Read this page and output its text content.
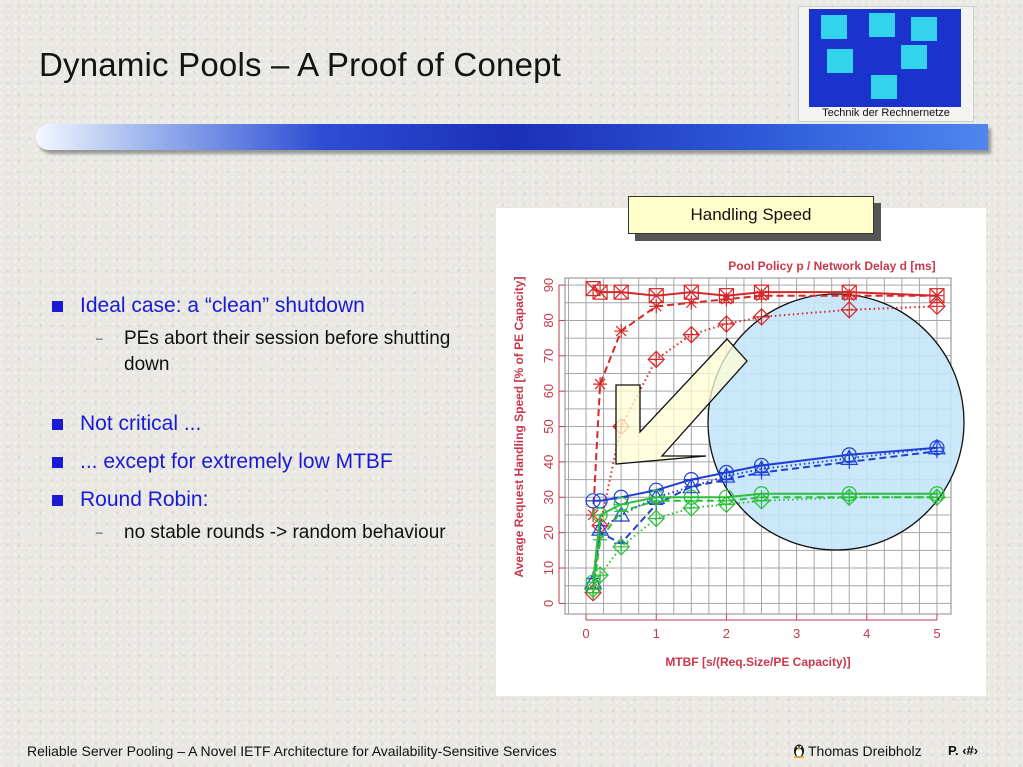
Dynamic Pools – A Proof of Conept
Technik der Rechnernetze
Ideal case: a “clean” shutdown
– PEs abort their session before shutting down
Not critical ...
... except for extremely low MTBF
Round Robin:
– no stable rounds -> random behaviour
Pool Policy p / Network Delay d [ms]
0	1	2	3	4	5
0
10
20
30
40
50
60
70
80
90
MTBF [s/(Req.Size/PE Capacity)]
Average Request Handling Speed [% of PE Capacity]
Handling Speed
Reliable Server Pooling – A Novel IETF Architecture for Availability-Sensitive Services	Thomas Dreibholz P. ‹#›
